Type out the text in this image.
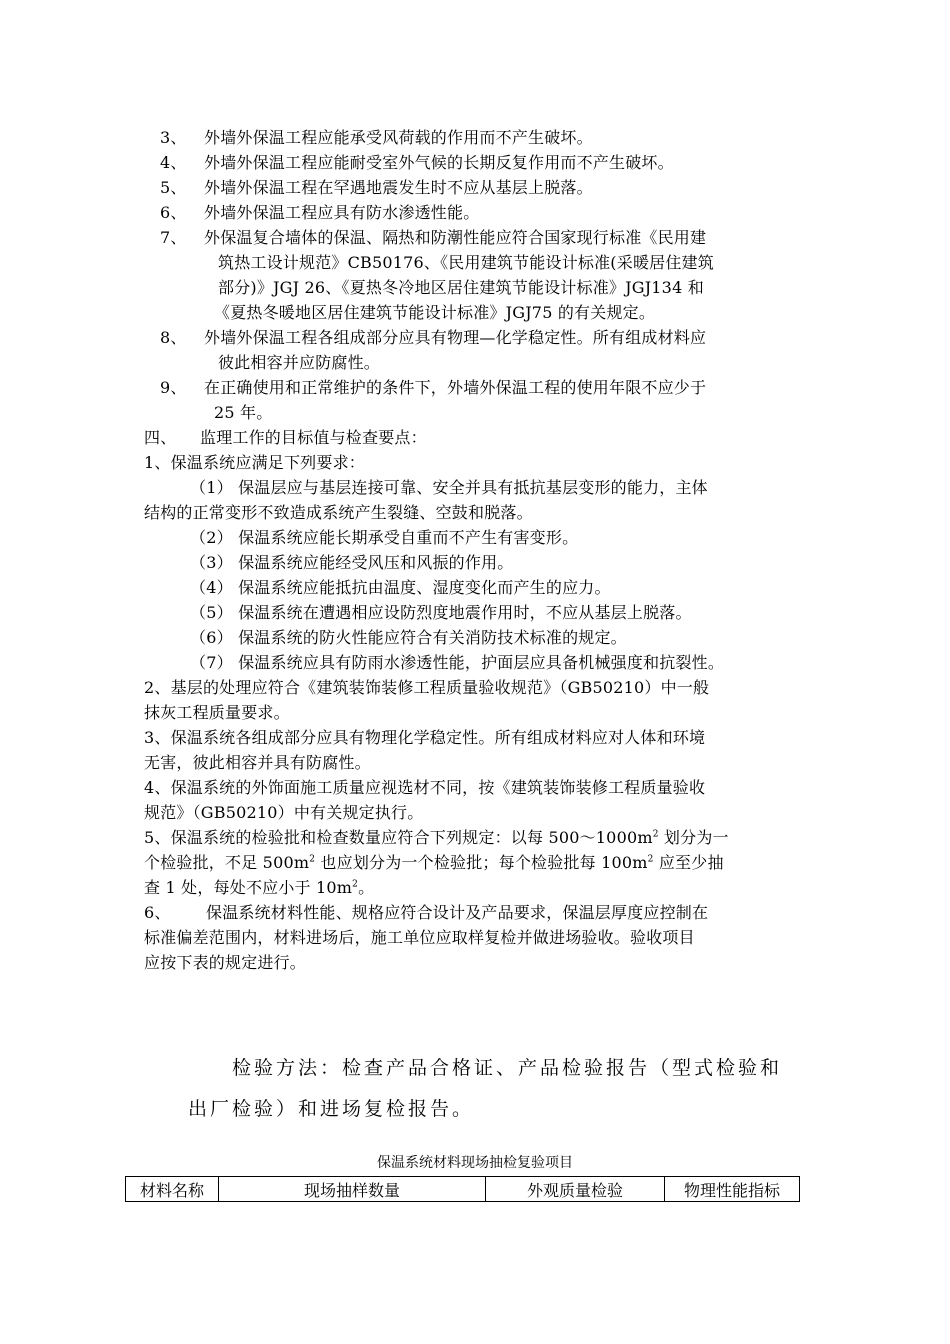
3、 外墙外保温工程应能承受风荷载的作用而不产生破坏。
4、 外墙外保温工程应能耐受室外气候的长期反复作用而不产生破坏。
5、 外墙外保温工程在罕遇地震发生时不应从基层上脱落。
6、 外墙外保温工程应具有防水渗透性能。
7、 外保温复合墙体的保温、隔热和防潮性能应符合国家现行标准《民用建
筑热工设计规范》CB50176、《民用建筑节能设计标准(采暖居住建筑
部分)》JGJ 26、《夏热冬冷地区居住建筑节能设计标准》JGJ134 和
《夏热冬暖地区居住建筑节能设计标准》JGJ75 的有关规定。
8、 外墙外保温工程各组成部分应具有物理—化学稳定性。所有组成材料应
彼此相容并应防腐性。
9、 在正确使用和正常维护的条件下，外墙外保温工程的使用年限不应少于
25 年。
四、 监理工作的目标值与检查要点：
1、保温系统应满足下列要求：
（1） 保温层应与基层连接可靠、安全并具有抵抗基层变形的能力，主体
结构的正常变形不致造成系统产生裂缝、空鼓和脱落。
（2） 保温系统应能长期承受自重而不产生有害变形。
（3） 保温系统应能经受风压和风振的作用。
（4） 保温系统应能抵抗由温度、湿度变化而产生的应力。
（5） 保温系统在遭遇相应设防烈度地震作用时，不应从基层上脱落。
（6） 保温系统的防火性能应符合有关消防技术标准的规定。
（7） 保温系统应具有防雨水渗透性能，护面层应具备机械强度和抗裂性。
2、基层的处理应符合《建筑装饰装修工程质量验收规范》（GB50210）中一般
抹灰工程质量要求。
3、保温系统各组成部分应具有物理化学稳定性。所有组成材料应对人体和环境
无害，彼此相容并具有防腐性。
4、保温系统的外饰面施工质量应视选材不同，按《建筑装饰装修工程质量验收
规范》（GB50210）中有关规定执行。
5、保温系统的检验批和检查数量应符合下列规定：以每 $500\sim 1000m^2$ 划分为一
个检验批，不足 $500m^2$ 也应划分为一个检验批；每个检验批每 $100m^2$ 应至少抽
查 1 处，每处不应小于 $10m^2$。
6、 保温系统材料性能、规格应符合设计及产品要求，保温层厚度应控制在
标准偏差范围内，材料进场后，施工单位应取样复检并做进场验收。验收项目
应按下表的规定进行。
检验方法：检查产品合格证、产品检验报告（型式检验和
出厂检验）和进场复检报告。
保温系统材料现场抽检复验项目
材料名称	现场抽样数量	外观质量检验	物理性能指标
